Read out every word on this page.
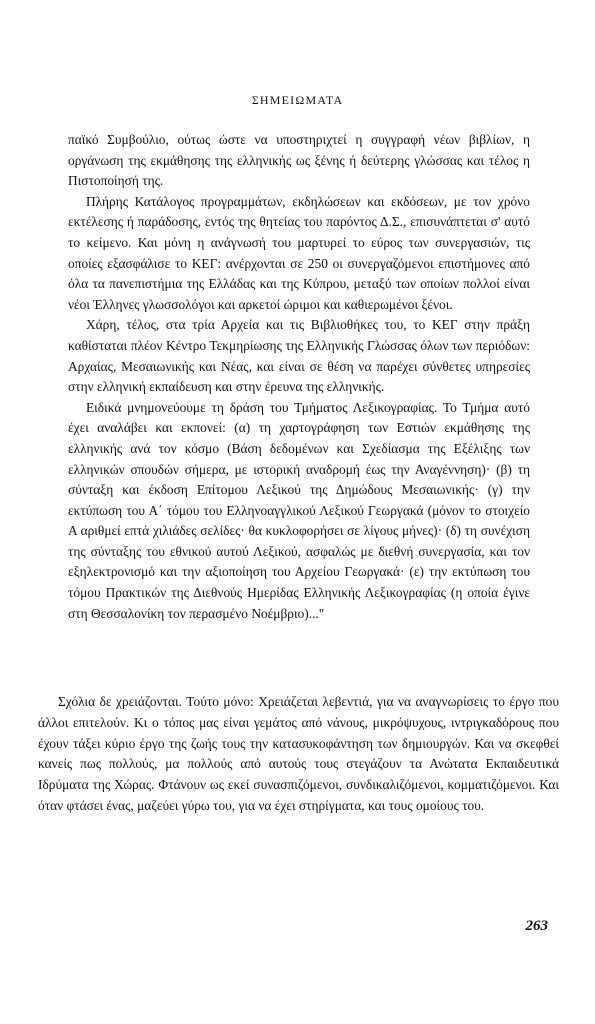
ΣΗΜΕΙΩΜΑΤΑ

παϊκό Συμβούλιο, ούτως ώστε να υποστηριχτεί η συγγραφή νέων βιβλίων, η οργάνωση της εκμάθησης της ελληνικής ως ξένης ή δεύτερης γλώσσας και τέλος η Πιστοποίησή της.

Πλήρης Κατάλογος προγραμμάτων, εκδηλώσεων και εκδόσεων, με τον χρόνο εκτέλεσης ή παράδοσης, εντός της θητείας του παρόντος Δ.Σ., επισυνάπτεται σ' αυτό το κείμενο. Και μόνη η ανάγνωσή του μαρτυρεί το εύρος των συνεργασιών, τις οποίες εξασφάλισε το ΚΕΓ: ανέρχονται σε 250 οι συνεργαζόμενοι επιστήμονες από όλα τα πανεπιστήμια της Ελλάδας και της Κύπρου, μεταξύ των οποίων πολλοί είναι νέοι Έλληνες γλωσσολόγοι και αρκετοί ώριμοι και καθιερωμένοι ξένοι.

Χάρη, τέλος, στα τρία Αρχεία και τις Βιβλιοθήκες του, το ΚΕΓ στην πράξη καθίσταται πλέον Κέντρο Τεκμηρίωσης της Ελληνικής Γλώσσας όλων των περιόδων: Αρχαίας, Μεσαιωνικής και Νέας, και είναι σε θέση να παρέχει σύνθετες υπηρεσίες στην ελληνική εκπαίδευση και στην έρευνα της ελληνικής.

Ειδικά μνημονεύουμε τη δράση του Τμήματος Λεξικογραφίας. Το Τμήμα αυτό έχει αναλάβει και εκπονεί: (α) τη χαρτογράφηση των Εστιών εκμάθησης της ελληνικής ανά τον κόσμο (Βάση δεδομένων και Σχεδίασμα της Εξέλιξης των ελληνικών σπουδών σήμερα, με ιστορική αναδρομή έως την Αναγέννηση)· (β) τη σύνταξη και έκδοση Επίτομου Λεξικού της Δημώδους Μεσαιωνικής· (γ) την εκτύπωση του Α΄ τόμου του Ελληνοαγγλικού Λεξικού Γεωργακά (μόνον το στοιχείο Α αριθμεί επτά χιλιάδες σελίδες· θα κυκλοφορήσει σε λίγους μήνες)· (δ) τη συνέχιση της σύνταξης του εθνικού αυτού Λεξικού, ασφαλώς με διεθνή συνεργασία, και τον εξηλεκτρονισμό και την αξιοποίηση του Αρχείου Γεωργακά· (ε) την εκτύπωση του τόμου Πρακτικών της Διεθνούς Ημερίδας Ελληνικής Λεξικογραφίας (η οποία έγινε στη Θεσσαλονίκη τον περασμένο Νοέμβριο)..."

Σχόλια δε χρειάζονται. Τούτο μόνο: Χρειάζεται λεβεντιά, για να αναγνωρίσεις το έργο που άλλοι επιτελούν. Κι ο τόπος μας είναι γεμάτος από νάνους, μικρόψυχους, ιντριγκαδόρους που έχουν τάξει κύριο έργο της ζωής τους την κατασυκοφάντηση των δημιουργών. Και να σκεφθεί κανείς πως πολλούς, μα πολλούς από αυτούς τους στεγάζουν τα Ανώτατα Εκπαιδευτικά Ιδρύματα της Χώρας. Φτάνουν ως εκεί συνασπιζόμενοι, συνδικαλιζόμενοι, κομματιζόμενοι. Και όταν φτάσει ένας, μαζεύει γύρω του, για να έχει στηρίγματα, και τους ομοίους του.

263
